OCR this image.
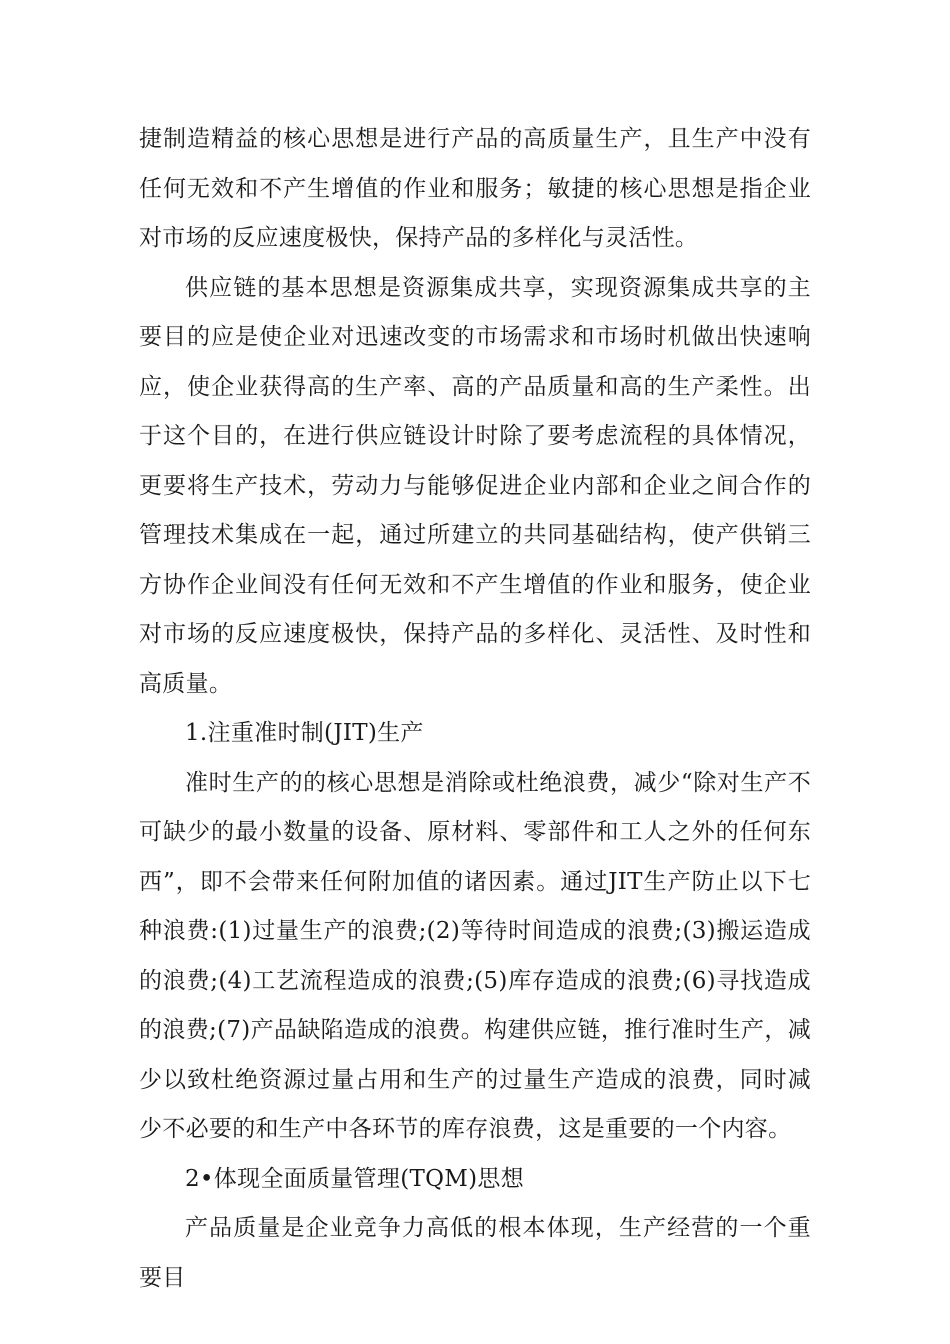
捷制造精益的核心思想是进行产品的高质量生产，且生产中没有任何无效和不产生增值的作业和服务；敏捷的核心思想是指企业对市场的反应速度极快，保持产品的多样化与灵活性。

供应链的基本思想是资源集成共享，实现资源集成共享的主要目的应是使企业对迅速改变的市场需求和市场时机做出快速响应，使企业获得高的生产率、高的产品质量和高的生产柔性。出于这个目的，在进行供应链设计时除了要考虑流程的具体情况，更要将生产技术，劳动力与能够促进企业内部和企业之间合作的管理技术集成在一起，通过所建立的共同基础结构，使产供销三方协作企业间没有任何无效和不产生增值的作业和服务，使企业对市场的反应速度极快，保持产品的多样化、灵活性、及时性和高质量。

1.注重准时制(JIT)生产

准时生产的的核心思想是消除或杜绝浪费，减少“除对生产不可缺少的最小数量的设备、原材料、零部件和工人之外的任何东西”，即不会带来任何附加值的诸因素。通过JIT生产防止以下七种浪费:(1)过量生产的浪费;(2)等待时间造成的浪费;(3)搬运造成的浪费;(4)工艺流程造成的浪费;(5)库存造成的浪费;(6)寻找造成的浪费;(7)产品缺陷造成的浪费。构建供应链，推行准时生产，减少以致杜绝资源过量占用和生产的过量生产造成的浪费，同时减少不必要的和生产中各环节的库存浪费，这是重要的一个内容。

2•体现全面质量管理(TQM)思想

产品质量是企业竞争力高低的根本体现，生产经营的一个重要目
